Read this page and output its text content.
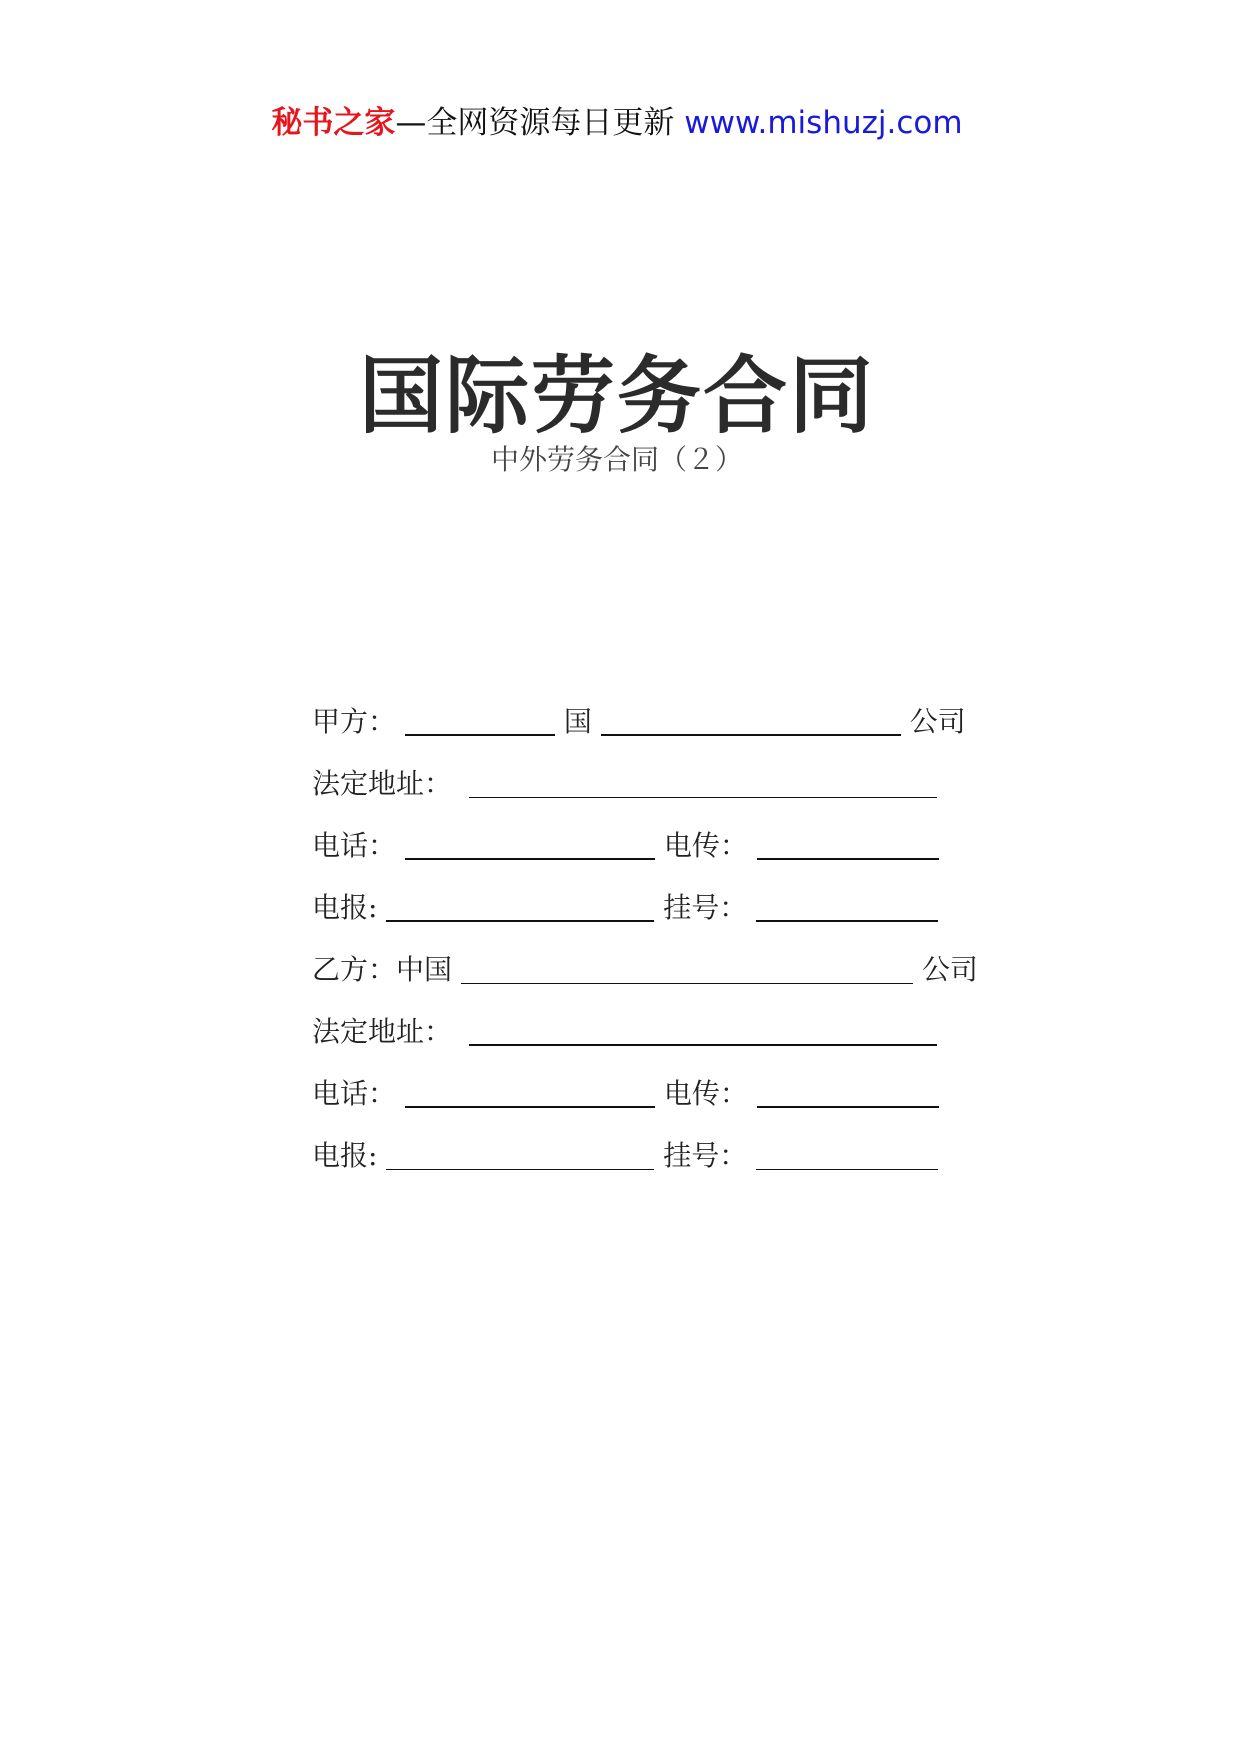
秘书之家—全网资源每日更新 www.mishuzj.com
国际劳务合同
中外劳务合同（２）
甲方：	国	公司
法定地址：
电话：	电传：
电报:	挂号：
乙方：中国	公司
法定地址：
电话：	电传：
电报:	挂号：
